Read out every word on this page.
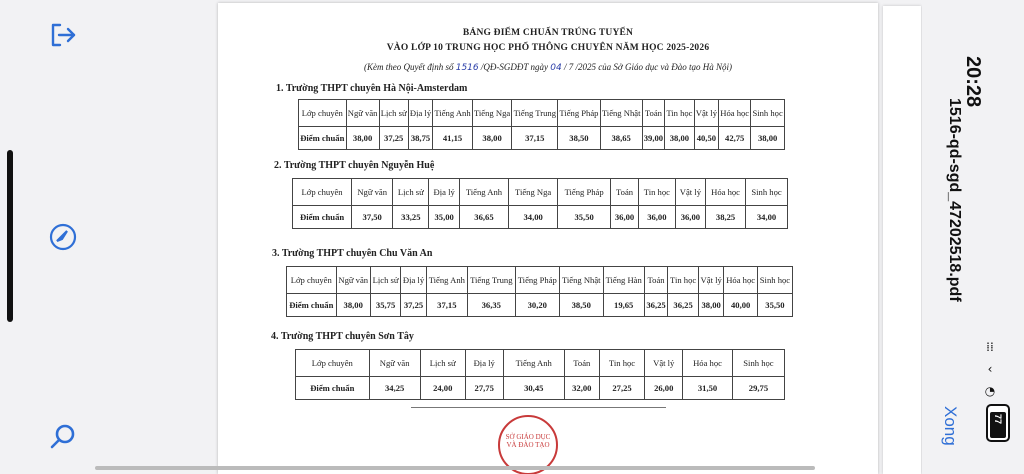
BẢNG ĐIỂM CHUẨN TRÚNG TUYỂN
VÀO LỚP 10 TRUNG HỌC PHỔ THÔNG CHUYÊN NĂM HỌC 2025-2026
(Kèm theo Quyết định số 1516 /QĐ-SGDĐT ngày 04 / 7 /2025 của Sở Giáo dục và Đào tạo Hà Nội)
1. Trường THPT chuyên Hà Nội-Amsterdam
Lớp chuyên	Ngữ văn	Lịch sử	Địa lý	Tiếng Anh	Tiếng Nga	Tiếng Trung	Tiếng Pháp	Tiếng Nhật	Toán	Tin học	Vật lý	Hóa học	Sinh học
Điểm chuẩn	38,00	37,25	38,75	41,15	38,00	37,15	38,50	38,65	39,00	38,00	40,50	42,75	38,00
2. Trường THPT chuyên Nguyễn Huệ
Lớp chuyên	Ngữ văn	Lịch sử	Địa lý	Tiếng Anh	Tiếng Nga	Tiếng Pháp	Toán	Tin học	Vật lý	Hóa học	Sinh học
Điểm chuẩn	37,50	33,25	35,00	36,65	34,00	35,50	36,00	36,00	36,00	38,25	34,00
3. Trường THPT chuyên Chu Văn An
Lớp chuyên	Ngữ văn	Lịch sử	Địa lý	Tiếng Anh	Tiếng Trung	Tiếng Pháp	Tiếng Nhật	Tiếng Hàn	Toán	Tin học	Vật lý	Hóa học	Sinh học
Điểm chuẩn	38,00	35,75	37,25	37,15	36,35	30,20	38,50	19,65	36,25	36,25	38,00	40,00	35,50
4. Trường THPT chuyên Sơn Tây
Lớp chuyên	Ngữ văn	Lịch sử	Địa lý	Tiếng Anh	Toán	Tin học	Vật lý	Hóa học	Sinh học
Điểm chuẩn	34,25	24,00	27,75	30,45	32,00	27,25	26,00	31,50	29,75
SỞ GIÁO DỤC VÀ ĐÀO TẠO
20:28
1516-qd-sgd_47202518.pdf
⁞⁞
‹
◔
77
Xong
